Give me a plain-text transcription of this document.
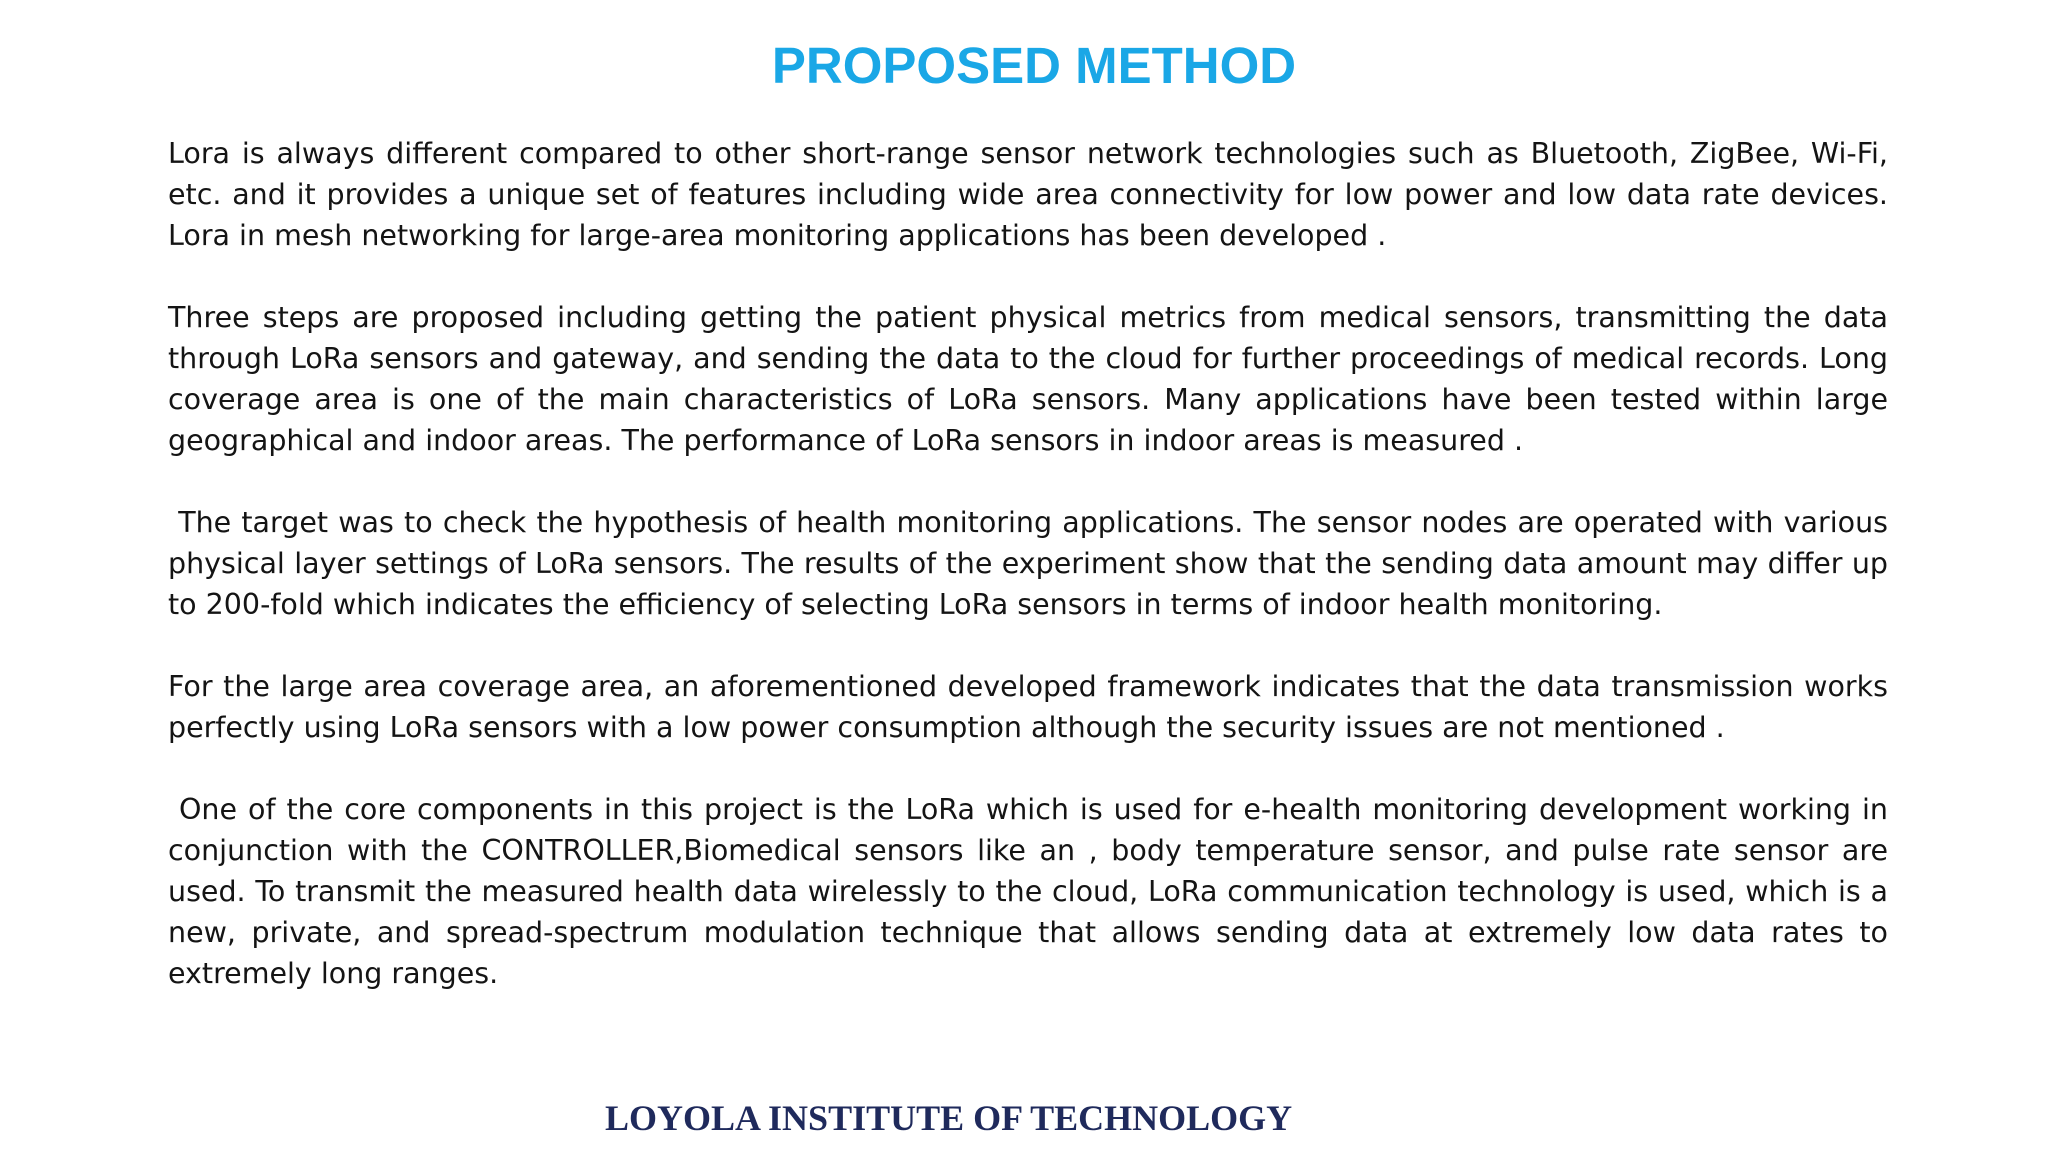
PROPOSED METHOD

Lora is always different compared to other short-range sensor network technologies such as Bluetooth, ZigBee, Wi-Fi, etc. and it provides a unique set of features including wide area connectivity for low power and low data rate devices. Lora in mesh networking for large-area monitoring applications has been developed .

Three steps are proposed including getting the patient physical metrics from medical sensors, transmitting the data through LoRa sensors and gateway, and sending the data to the cloud for further proceedings of medical records. Long coverage area is one of the main characteristics of LoRa sensors. Many applications have been tested within large geographical and indoor areas. The performance of LoRa sensors in indoor areas is measured .

The target was to check the hypothesis of health monitoring applications. The sensor nodes are operated with various physical layer settings of LoRa sensors. The results of the experiment show that the sending data amount may differ up to 200-fold which indicates the efficiency of selecting LoRa sensors in terms of indoor health monitoring.

For the large area coverage area, an aforementioned developed framework indicates that the data transmission works perfectly using LoRa sensors with a low power consumption although the security issues are not mentioned .

One of the core components in this project is the LoRa which is used for e-health monitoring development working in conjunction with the CONTROLLER,Biomedical sensors like an , body temperature sensor, and pulse rate sensor are used. To transmit the measured health data wirelessly to the cloud, LoRa communication technology is used, which is a new, private, and spread-spectrum modulation technique that allows sending data at extremely low data rates to extremely long ranges.

LOYOLA INSTITUTE OF TECHNOLOGY
